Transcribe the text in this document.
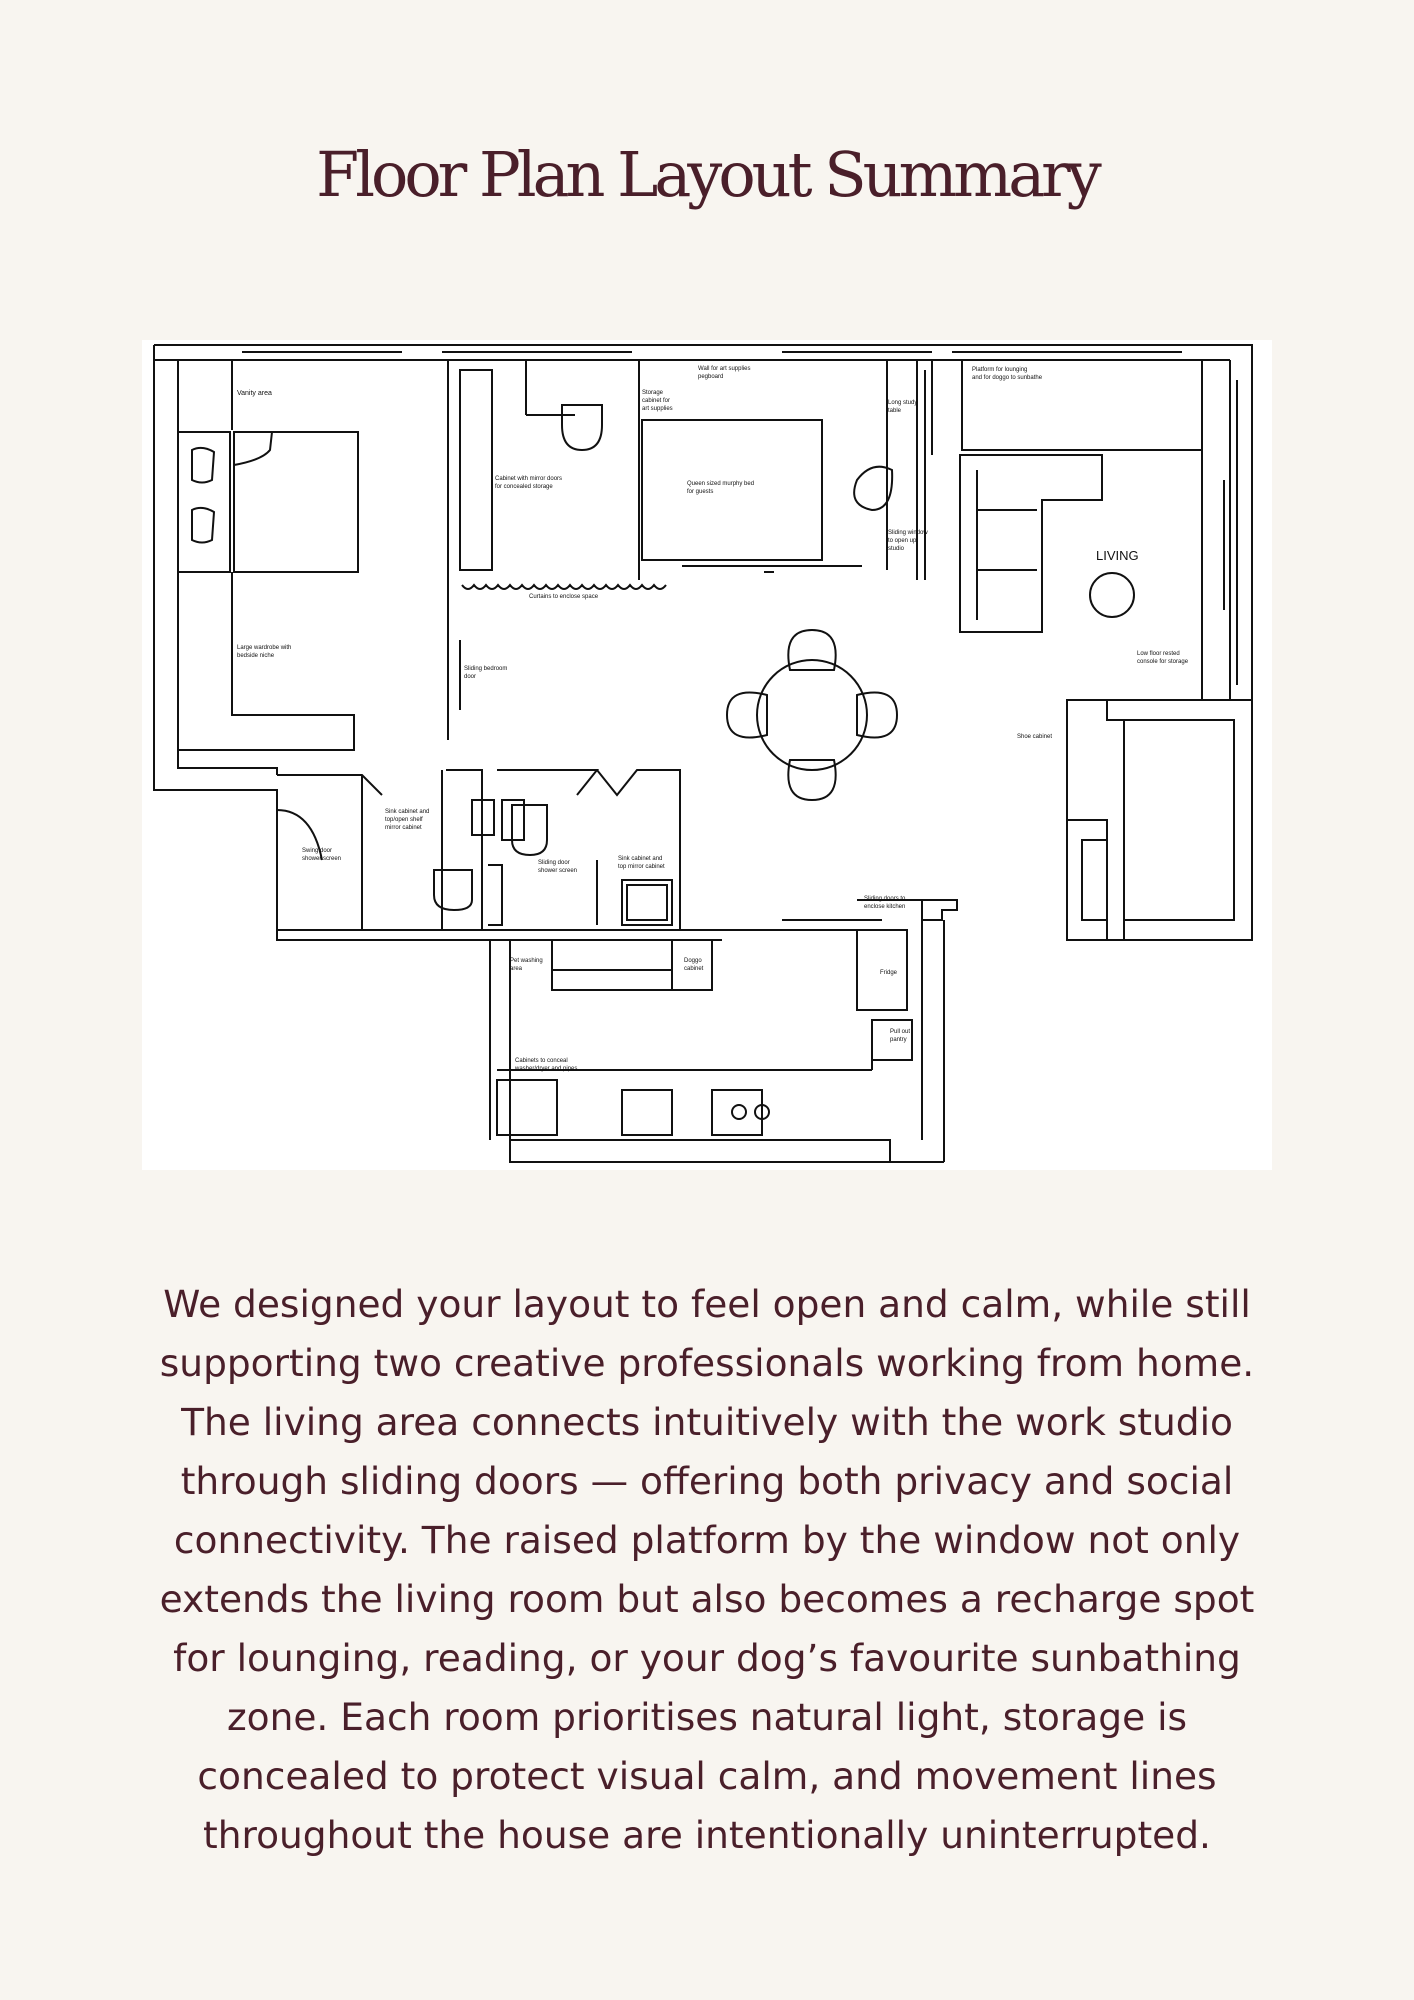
Floor Plan Layout Summary
Vanity area
Cabinet with mirror doors for concealed storage
Storage cabinet for art supplies
Wall for art supplies pegboard
Queen sized murphy bed for guests
Long study table
Sliding window to open up studio
Platform for lounging and for doggo to sunbathe
LIVING
Curtains to enclose space
Large wardrobe with bedside niche
Sliding bedroom door
Low floor rested console for storage
Shoe cabinet
Sink cabinet and top/open shelf mirror cabinet
Swing door shower screen
Sliding door shower screen
Sink cabinet and top mirror cabinet
Sliding doors to enclose kitchen
Pet washing area
Doggo cabinet
Fridge
Pull out pantry
Cabinets to conceal washer/dryer and pipes
We designed your layout to feel open and calm, while still supporting two creative professionals working from home. The living area connects intuitively with the work studio through sliding doors — offering both privacy and social connectivity. The raised platform by the window not only extends the living room but also becomes a recharge spot for lounging, reading, or your dog’s favourite sunbathing zone. Each room prioritises natural light, storage is concealed to protect visual calm, and movement lines throughout the house are intentionally uninterrupted.
